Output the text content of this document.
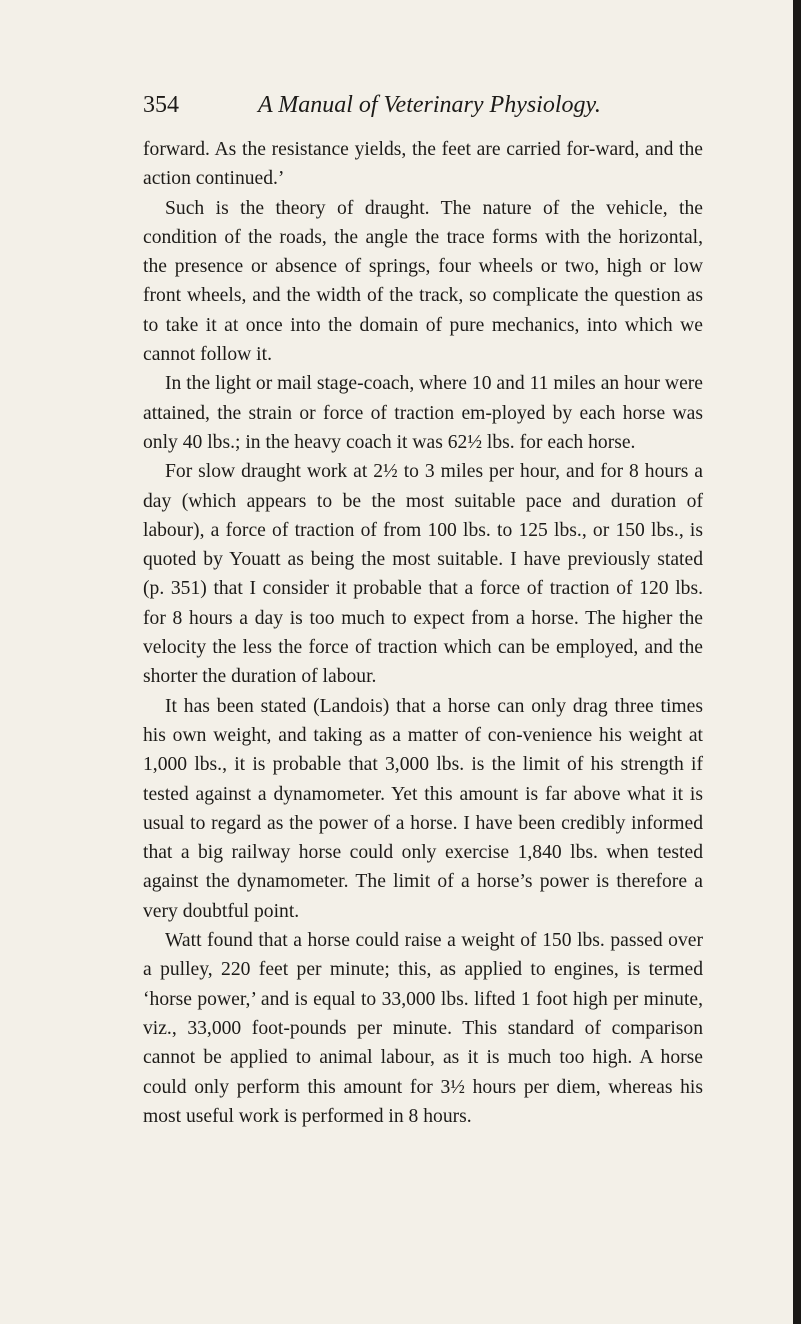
354	A Manual of Veterinary Physiology.

forward. As the resistance yields, the feet are carried for-ward, and the action continued.’

Such is the theory of draught. The nature of the vehicle, the condition of the roads, the angle the trace forms with the horizontal, the presence or absence of springs, four wheels or two, high or low front wheels, and the width of the track, so complicate the question as to take it at once into the domain of pure mechanics, into which we cannot follow it.

In the light or mail stage-coach, where 10 and 11 miles an hour were attained, the strain or force of traction em-ployed by each horse was only 40 lbs.; in the heavy coach it was 62½ lbs. for each horse.

For slow draught work at 2½ to 3 miles per hour, and for 8 hours a day (which appears to be the most suitable pace and duration of labour), a force of traction of from 100 lbs. to 125 lbs., or 150 lbs., is quoted by Youatt as being the most suitable. I have previously stated (p. 351) that I consider it probable that a force of traction of 120 lbs. for 8 hours a day is too much to expect from a horse. The higher the velocity the less the force of traction which can be employed, and the shorter the duration of labour.

It has been stated (Landois) that a horse can only drag three times his own weight, and taking as a matter of con-venience his weight at 1,000 lbs., it is probable that 3,000 lbs. is the limit of his strength if tested against a dynamometer. Yet this amount is far above what it is usual to regard as the power of a horse. I have been credibly informed that a big railway horse could only exercise 1,840 lbs. when tested against the dynamometer. The limit of a horse’s power is therefore a very doubtful point.

Watt found that a horse could raise a weight of 150 lbs. passed over a pulley, 220 feet per minute; this, as applied to engines, is termed ‘horse power,’ and is equal to 33,000 lbs. lifted 1 foot high per minute, viz., 33,000 foot-pounds per minute. This standard of comparison cannot be applied to animal labour, as it is much too high. A horse could only perform this amount for 3½ hours per diem, whereas his most useful work is performed in 8 hours.
